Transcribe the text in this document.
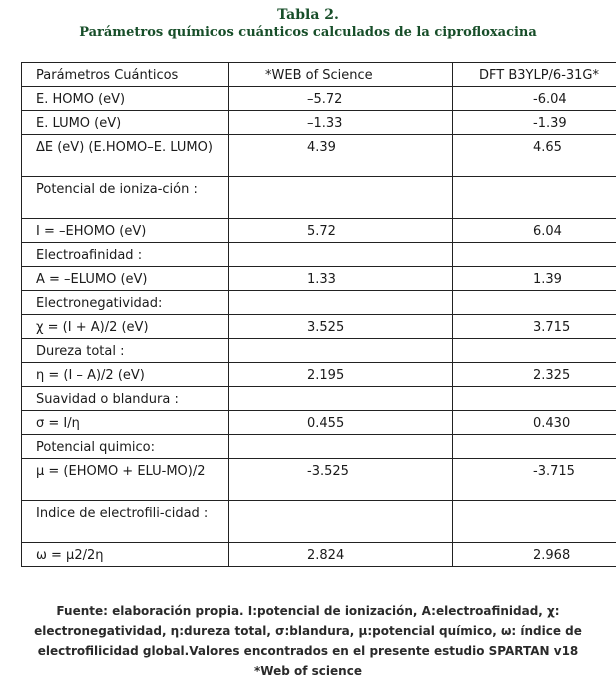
Tabla 2.
Parámetros químicos cuánticos calculados de la ciprofloxacina
Parámetros Cuánticos	*WEB of Science	DFT B3YLP/6-31G*
E. HOMO (eV)	–5.72	-6.04
E. LUMO (eV)	–1.33	-1.39
ΔE (eV) (E.HOMO–E. LUMO)	4.39	4.65
Potencial de ioniza-ción :		
I = –EHOMO (eV)	5.72	6.04
Electroafinidad :		
A = –ELUMO (eV)	1.33	1.39
Electronegatividad:		
χ = (I + A)/2 (eV)	3.525	3.715
Dureza total :		
η = (I – A)/2 (eV)	2.195	2.325
Suavidad o blandura :		
σ = I/η	0.455	0.430
Potencial quimico:		
μ = (EHOMO + ELU-MO)/2	-3.525	-3.715
Indice de electrofili-cidad :		
ω = μ2/2η	2.824	2.968
Fuente: elaboración propia. I:potencial de ionización, A:electroafinidad, χ: electronegatividad, η:dureza total, σ:blandura, μ:potencial químico, ω: índice de electrofilicidad global.Valores encontrados en el presente estudio SPARTAN v18 *Web of science
